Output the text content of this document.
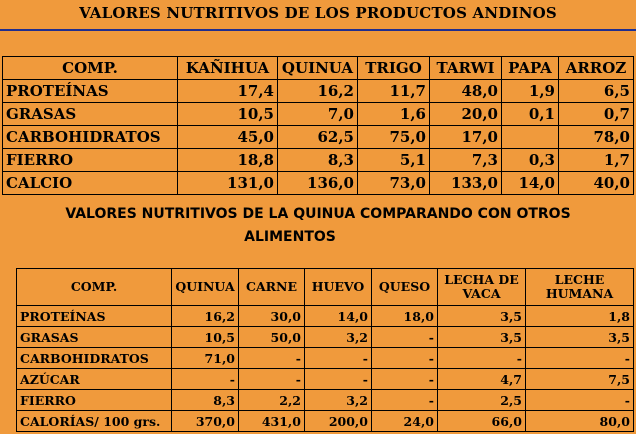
VALORES NUTRITIVOS DE LOS PRODUCTOS ANDINOS
COMP.	KAÑIHUA	QUINUA	TRIGO	TARWI	PAPA	ARROZ
PROTEÍNAS	17,4	16,2	11,7	48,0	1,9	6,5
GRASAS	10,5	7,0	1,6	20,0	0,1	0,7
CARBOHIDRATOS	45,0	62,5	75,0	17,0		78,0
FIERRO	18,8	8,3	5,1	7,3	0,3	1,7
CALCIO	131,0	136,0	73,0	133,0	14,0	40,0
VALORES NUTRITIVOS DE LA QUINUA COMPARANDO CON OTROS
ALIMENTOS
COMP.	QUINUA	CARNE	HUEVO	QUESO	LECHA DE VACA	LECHE HUMANA
PROTEÍNAS	16,2	30,0	14,0	18,0	3,5	1,8
GRASAS	10,5	50,0	3,2	-	3,5	3,5
CARBOHIDRATOS	71,0	-	-	-	-	-
AZÚCAR	-	-	-	-	4,7	7,5
FIERRO	8,3	2,2	3,2	-	2,5	-
CALORÍAS/ 100 grs.	370,0	431,0	200,0	24,0	66,0	80,0
